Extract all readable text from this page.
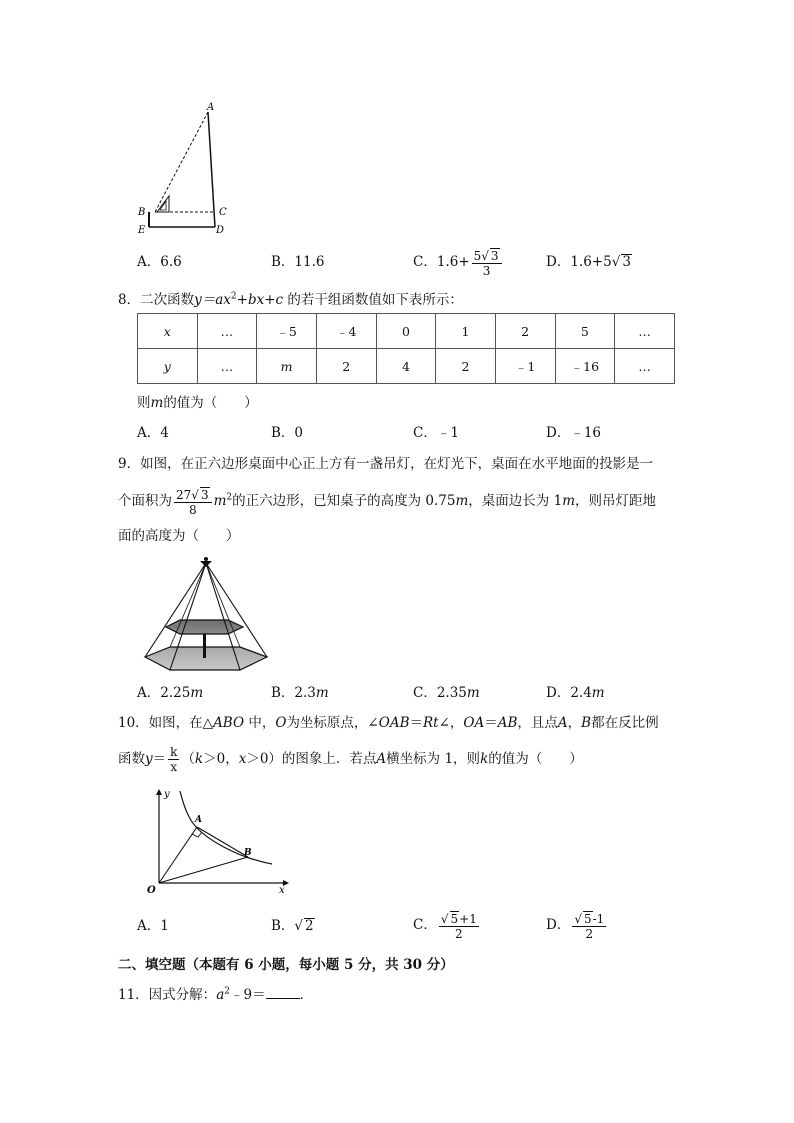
A
B	C
D
E
A．6.6	B．11.6	C．$1.6+ \frac{5√ 3}{3}$	D．1.6+5√ 3
8．二次函数$y=ax^2+bx+c$ 的若干组函数值如下表所示：
x	…	﹣5	﹣4	0	1	2	5	…
y	…	m	2	4	2	﹣1	﹣16	…
则m的值为（　　）
A．4	B．0	C．﹣1	D．﹣16
9．如图，在正六边形桌面中心正上方有一盏吊灯，在灯光下，桌面在水平地面的投影是一
个面积为 $\frac{27√ 3}{8} m^2$的正六边形，已知桌子的高度为 0.75m，桌面边长为 1m，则吊灯距地
面的高度为（　　）
A．2.25m	B．2.3m	C．2.35m	D．2.4m
10．如图，在△ABO 中，O为坐标原点，∠OAB＝Rt∠，OA＝AB，且点A，B都在反比例
函数$y= \frac{k}{x} (k>0$，x＞0）的图象上．若点A横坐标为 1，则k的值为（　　）
y
x
O
A
B
A．1	B．√ 2	C． $\frac{√ 5+1}{2}$	D． $\frac{√ 5-1}{2}$
二、填空题（本题有 6 小题，每小题 5 分，共 30 分）
11．因式分解：$a^2﹣9=$	．
